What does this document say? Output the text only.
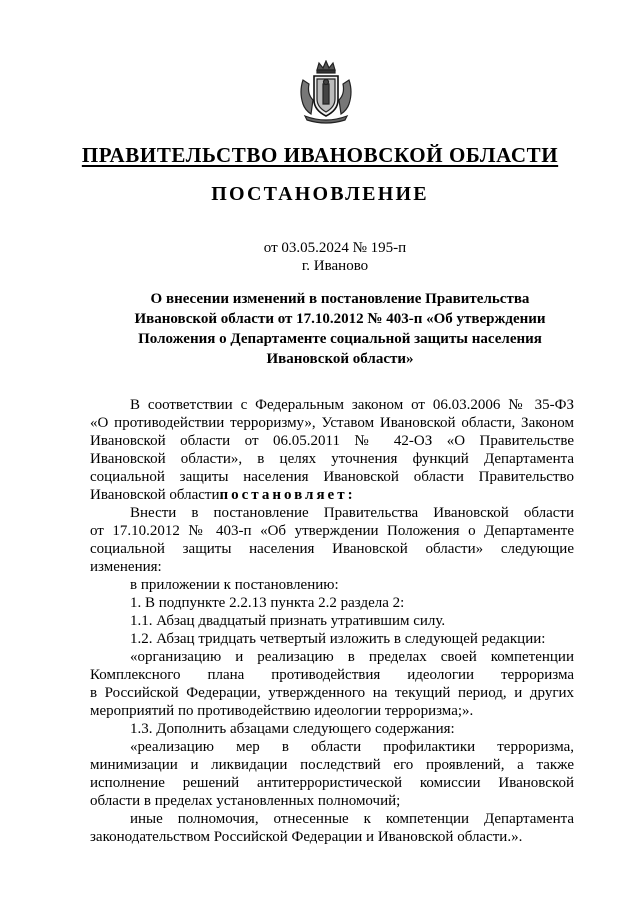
ПРАВИТЕЛЬСТВО ИВАНОВСКОЙ ОБЛАСТИ
ПОСТАНОВЛЕНИЕ
от 03.05.2024 № 195-п
г. Иваново
О внесении изменений в постановление Правительства
Ивановской области от 17.10.2012 № 403-п «Об утверждении
Положения о Департаменте социальной защиты населения
Ивановской области»
В соответствии с Федеральным законом от 06.03.2006 № 35-ФЗ
«О противодействии терроризму», Уставом Ивановской области, Законом
Ивановской области от 06.05.2011 № 42-ОЗ «О Правительстве
Ивановской области», в целях уточнения функций Департамента
социальной защиты населения Ивановской области Правительство
Ивановской областипостановляет:
Внести в постановление Правительства Ивановской области
от 17.10.2012 № 403-п «Об утверждении Положения о Департаменте
социальной защиты населения Ивановской области» следующие
изменения:
в приложении к постановлению:
1. В подпункте 2.2.13 пункта 2.2 раздела 2:
1.1. Абзац двадцатый признать утратившим силу.
1.2. Абзац тридцать четвертый изложить в следующей редакции:
«организацию и реализацию в пределах своей компетенции
Комплексного плана противодействия идеологии терроризма
в Российской Федерации, утвержденного на текущий период, и других
мероприятий по противодействию идеологии терроризма;».
1.3. Дополнить абзацами следующего содержания:
«реализацию мер в области профилактики терроризма,
минимизации и ликвидации последствий его проявлений, а также
исполнение решений антитеррористической комиссии Ивановской
области в пределах установленных полномочий;
иные полномочия, отнесенные к компетенции Департамента
законодательством Российской Федерации и Ивановской области.».
